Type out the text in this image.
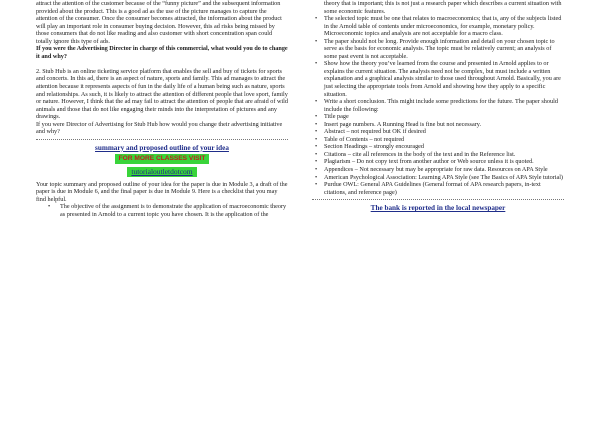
attract the attention of the customer because of the “funny picture” and the subsequent information provided about the product. This is a good ad as the use of the picture manages to capture the attention of the consumer. Once the consumer becomes attracted, the information about the product will play an important role in consumer buying decision. However, this ad risks being missed by those consumers that do not like reading and also customer with short concentration span could totally ignore this type of ads.

If you were the Advertising Director in charge of this commercial, what would you do to change it and why?

2. Stub Hub is an online ticketing service platform that enables the sell and buy of tickets for sports and concerts. In this ad, there is an aspect of nature, sports and family. This ad manages to attract the attention because it represents aspects of fun in the daily life of a human being such as nature, sports and relationships. As such, it is likely to attract the attention of different people that love sport, family or nature. However, I think that the ad may fail to attract the attention of people that are afraid of wild animals and those that do not like engaging their minds into the interpretation of pictures and any drawings.

If you were Director of Advertising for Stub Hub how would you change their advertising initiative and why?

summary and proposed outline of your idea
FOR MORE CLASSES VISIT
tutorialoutletdotcom

Your topic summary and proposed outline of your idea for the paper is due in Module 3, a draft of the paper is due in Module 6, and the final paper is due in Module 9. Here is a checklist that you may find helpful.

• The objective of the assignment is to demonstrate the application of macroeconomic theory as presented in Arnold to a current topic you have chosen. It is the application of the

theory that is important; this is not just a research paper which describes a current situation with some economic features.

• The selected topic must be one that relates to macroeconomics; that is, any of the subjects listed in the Arnold table of contents under microeconomics, for example, monetary policy. Microeconomic topics and analysis are not acceptable for a macro class.
• The paper should not be long. Provide enough information and detail on your chosen topic to serve as the basis for economic analysis. The topic must be relatively current; an analysis of some past event is not acceptable.
• Show how the theory you’ve learned from the course and presented in Arnold applies to or explains the current situation. The analysis need not be complex, but must include a written explanation and a graphical analysis similar to those used throughout Arnold. Basically, you are just selecting the appropriate tools from Arnold and showing how they apply to a specific situation.
• Write a short conclusion. This might include some predictions for the future. The paper should include the following:
• Title page
• Insert page numbers. A Running Head is fine but not necessary.
• Abstract – not required but OK if desired
• Table of Contents – not required
• Section Headings – strongly encouraged
• Citations – cite all references in the body of the text and in the Reference list.
• Plagiarism – Do not copy text from another author or Web source unless it is quoted.
• Appendices – Not necessary but may be appropriate for raw data. Resources on APA Style
• American Psychological Association: Learning APA Style (see The Basics of APA Style tutorial)
• Purdue OWL: General APA Guidelines (General format of APA research papers, in-text citations, and reference page)
The bank is reported in the local newspaper
